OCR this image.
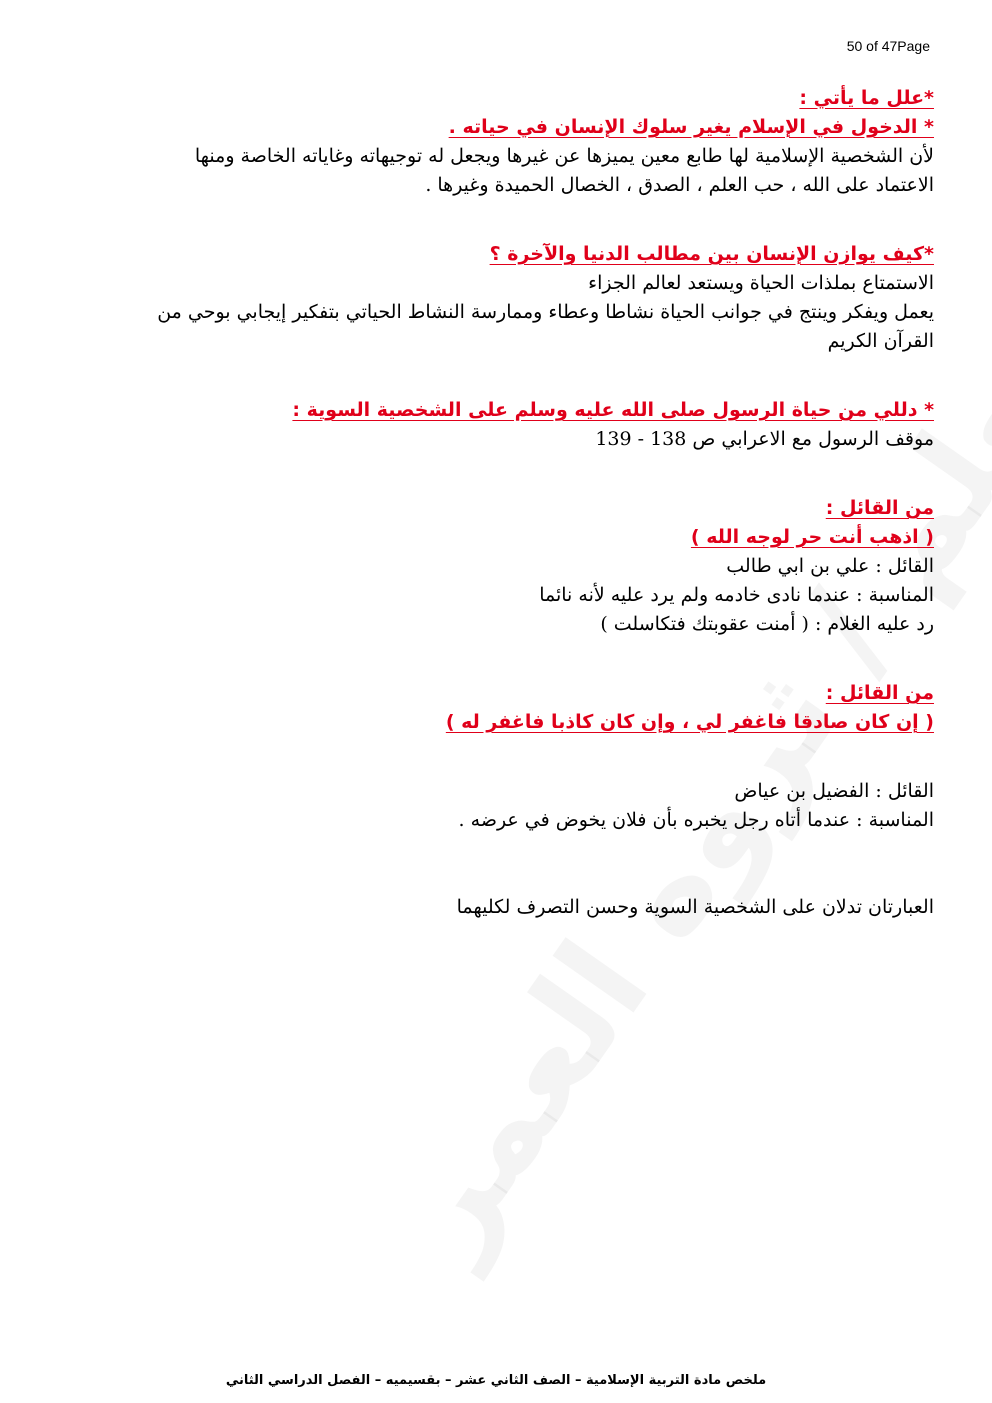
50 of 47Page
*علل ما يأتي :
* الدخول في الإسلام يغير سلوك الإنسان في حياته .
لأن الشخصية الإسلامية لها طابع معين يميزها عن غيرها ويجعل له توجيهاته وغاياته الخاصة ومنها
الاعتماد على الله ، حب العلم ، الصدق ، الخصال الحميدة وغيرها .
*كيف يوازن الإنسان بين مطالب الدنيا والآخرة ؟
الاستمتاع بملذات الحياة ويستعد لعالم الجزاء
يعمل ويفكر وينتج في جوانب الحياة نشاطا وعطاء وممارسة النشاط الحياتي بتفكير إيجابي بوحي من
القرآن الكريم
* دللي من حياة الرسول صلى الله عليه وسلم على الشخصية السوية :
موقف الرسول مع الاعرابي ص 138 - 139
من القائل :
( اذهب أنت حر لوجه الله )
القائل : علي بن ابي طالب
المناسبة : عندما نادى خادمه ولم يرد عليه لأنه نائما
رد عليه الغلام : ( أمنت عقوبتك فتكاسلت )
من القائل :
( إن كان صادقا فاغفر لي ، وإن كان كاذبا فاغفر له )
القائل : الفضيل بن عياض
المناسبة : عندما أتاه رجل يخبره بأن فلان يخوض في عرضه .
العبارتان تدلان على الشخصية السوية وحسن التصرف لكليهما
ملخص مادة التربية الإسلامية – الصف الثاني عشر – بقسيميه – الفصل الدراسي الثاني
